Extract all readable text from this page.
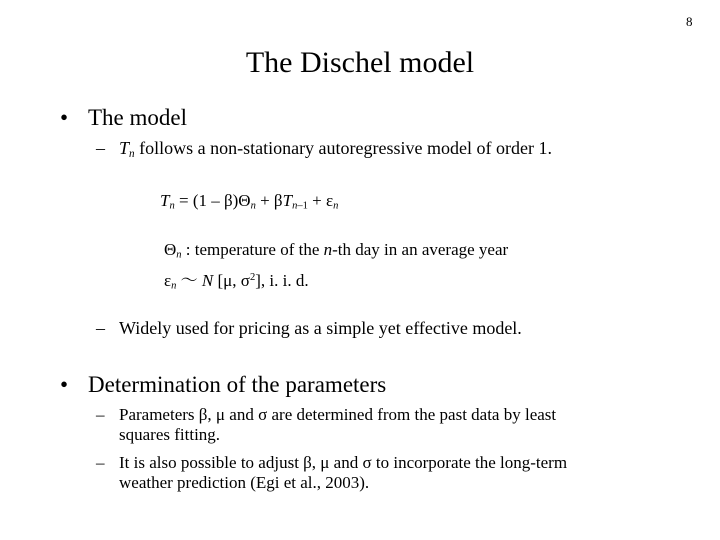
8
The Dischel model
• The model
– $T_n$ follows a non-stationary autoregressive model of order 1.
$T_n = (1 - \beta)\Theta_n + \beta T_{n-1} + \varepsilon_n$
$\Theta_n$ : temperature of the n-th day in an average year
$\varepsilon_n$ ～ N [μ, $\sigma^2$], i. i. d.
– Widely used for pricing as a simple yet effective model.
• Determination of the parameters
– Parameters β, μ and σ are determined from the past data by least
squares fitting.
– It is also possible to adjust β, μ and σ to incorporate the long-term
weather prediction (Egi et al., 2003).
